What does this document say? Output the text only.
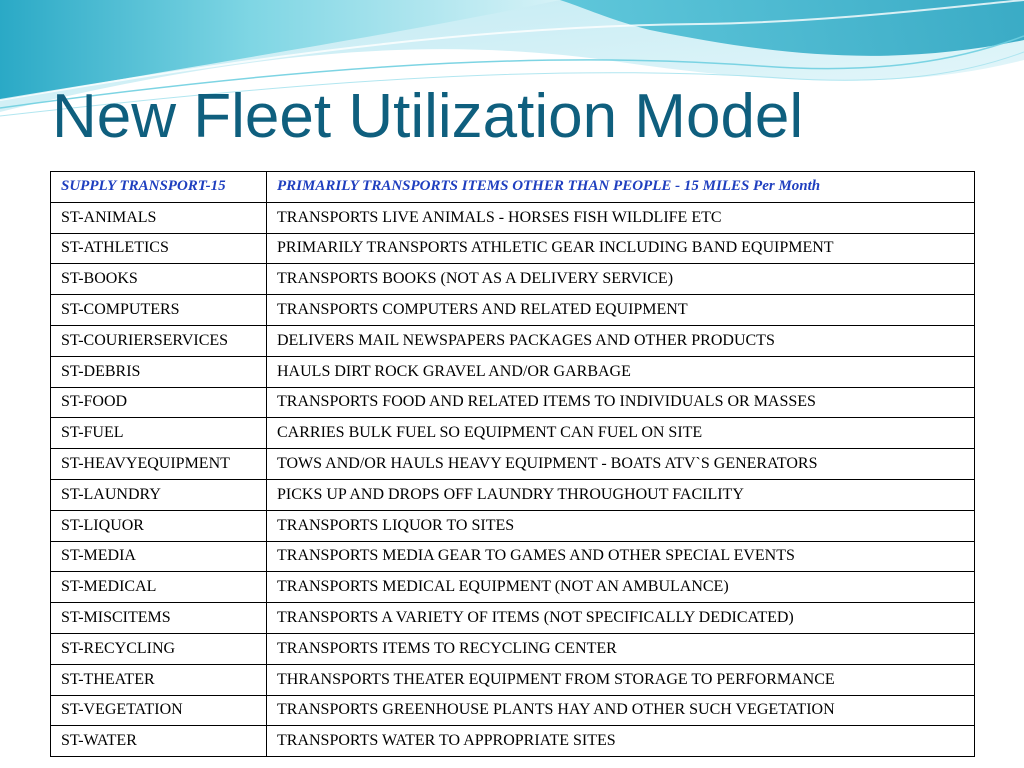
New Fleet Utilization Model
SUPPLY TRANSPORT-15	PRIMARILY TRANSPORTS ITEMS OTHER THAN PEOPLE - 15 MILES Per Month
ST-ANIMALS	TRANSPORTS LIVE ANIMALS - HORSES FISH WILDLIFE ETC
ST-ATHLETICS	PRIMARILY TRANSPORTS ATHLETIC GEAR INCLUDING BAND EQUIPMENT
ST-BOOKS	TRANSPORTS BOOKS (NOT AS A DELIVERY SERVICE)
ST-COMPUTERS	TRANSPORTS COMPUTERS AND RELATED EQUIPMENT
ST-COURIERSERVICES	DELIVERS MAIL NEWSPAPERS PACKAGES AND OTHER PRODUCTS
ST-DEBRIS	HAULS DIRT ROCK GRAVEL AND/OR GARBAGE
ST-FOOD	TRANSPORTS FOOD AND RELATED ITEMS TO INDIVIDUALS OR MASSES
ST-FUEL	CARRIES BULK FUEL SO EQUIPMENT CAN FUEL ON SITE
ST-HEAVYEQUIPMENT	TOWS AND/OR HAULS HEAVY EQUIPMENT - BOATS ATV`S GENERATORS
ST-LAUNDRY	PICKS UP AND DROPS OFF LAUNDRY THROUGHOUT FACILITY
ST-LIQUOR	TRANSPORTS LIQUOR TO SITES
ST-MEDIA	TRANSPORTS MEDIA GEAR TO GAMES AND OTHER SPECIAL EVENTS
ST-MEDICAL	TRANSPORTS MEDICAL EQUIPMENT (NOT AN AMBULANCE)
ST-MISCITEMS	TRANSPORTS A VARIETY OF ITEMS (NOT SPECIFICALLY DEDICATED)
ST-RECYCLING	TRANSPORTS ITEMS TO RECYCLING CENTER
ST-THEATER	THRANSPORTS THEATER EQUIPMENT FROM STORAGE TO PERFORMANCE
ST-VEGETATION	TRANSPORTS GREENHOUSE PLANTS HAY AND OTHER SUCH VEGETATION
ST-WATER	TRANSPORTS WATER TO APPROPRIATE SITES
